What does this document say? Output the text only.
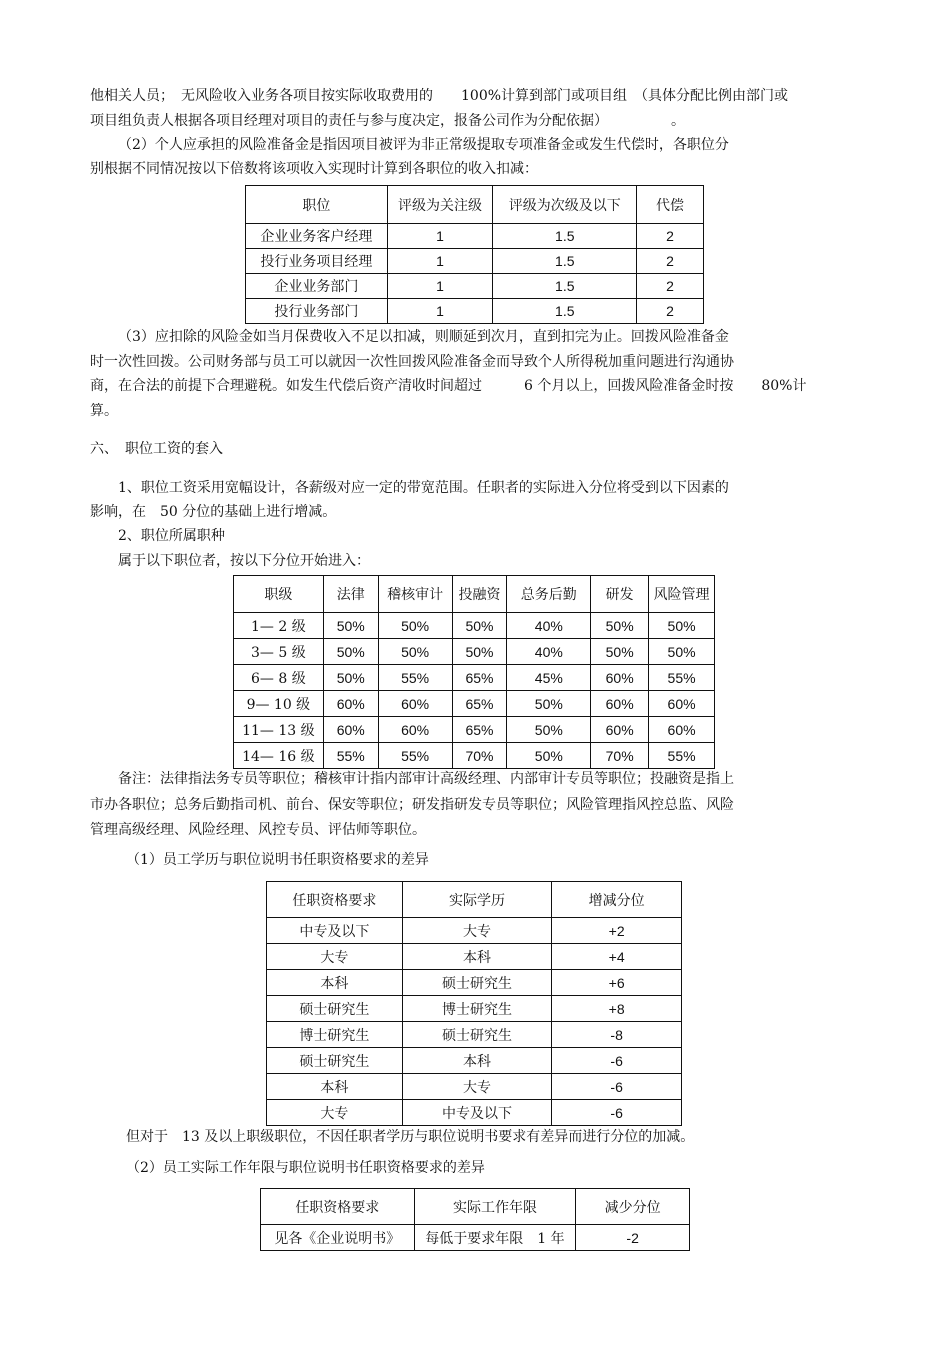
他相关人员；　无风险收入业务各项目按实际收取费用的　　100%计算到部门或项目组　（具体分配比例由部门或
项目组负责人根据各项目经理对项目的责任与参与度决定，报备公司作为分配依据）　　　　　。
（2）个人应承担的风险准备金是指因项目被评为非正常级提取专项准备金或发生代偿时，各职位分
别根据不同情况按以下倍数将该项收入实现时计算到各职位的收入扣减：
职位	评级为关注级	评级为次级及以下	代偿
企业业务客户经理	1	1.5	2
投行业务项目经理	1	1.5	2
企业业务部门	1	1.5	2
投行业务部门	1	1.5	2
（3）应扣除的风险金如当月保费收入不足以扣减，则顺延到次月，直到扣完为止。回拨风险准备金
时一次性回拨。公司财务部与员工可以就因一次性回拨风险准备金而导致个人所得税加重问题进行沟通协
商，在合法的前提下合理避税。如发生代偿后资产清收时间超过　　　6 个月以上，回拨风险准备金时按　　80%计
算。
六、　职位工资的套入
1、职位工资采用宽幅设计，各薪级对应一定的带宽范围。任职者的实际进入分位将受到以下因素的
影响，在　50 分位的基础上进行增减。
2、职位所属职种
属于以下职位者，按以下分位开始进入：
职级	法律	稽核审计	投融资	总务后勤	研发	风险管理
1— 2 级	50%	50%	50%	40%	50%	50%
3— 5 级	50%	50%	50%	40%	50%	50%
6— 8 级	50%	55%	65%	45%	60%	55%
9— 10 级	60%	60%	65%	50%	60%	60%
11— 13 级	60%	60%	65%	50%	60%	60%
14— 16 级	55%	55%	70%	50%	70%	55%
备注：法律指法务专员等职位；稽核审计指内部审计高级经理、内部审计专员等职位；投融资是指上
市办各职位；总务后勤指司机、前台、保安等职位；研发指研发专员等职位；风险管理指风控总监、风险
管理高级经理、风险经理、风控专员、评估师等职位。
（1）员工学历与职位说明书任职资格要求的差异
任职资格要求	实际学历	增减分位
中专及以下	大专	+2
大专	本科	+4
本科	硕士研究生	+6
硕士研究生	博士研究生	+8
博士研究生	硕士研究生	-8
硕士研究生	本科	-6
本科	大专	-6
大专	中专及以下	-6
但对于　13 及以上职级职位，不因任职者学历与职位说明书要求有差异而进行分位的加减。
（2）员工实际工作年限与职位说明书任职资格要求的差异
任职资格要求	实际工作年限	减少分位
见各《企业说明书》	每低于要求年限　1 年	-2
